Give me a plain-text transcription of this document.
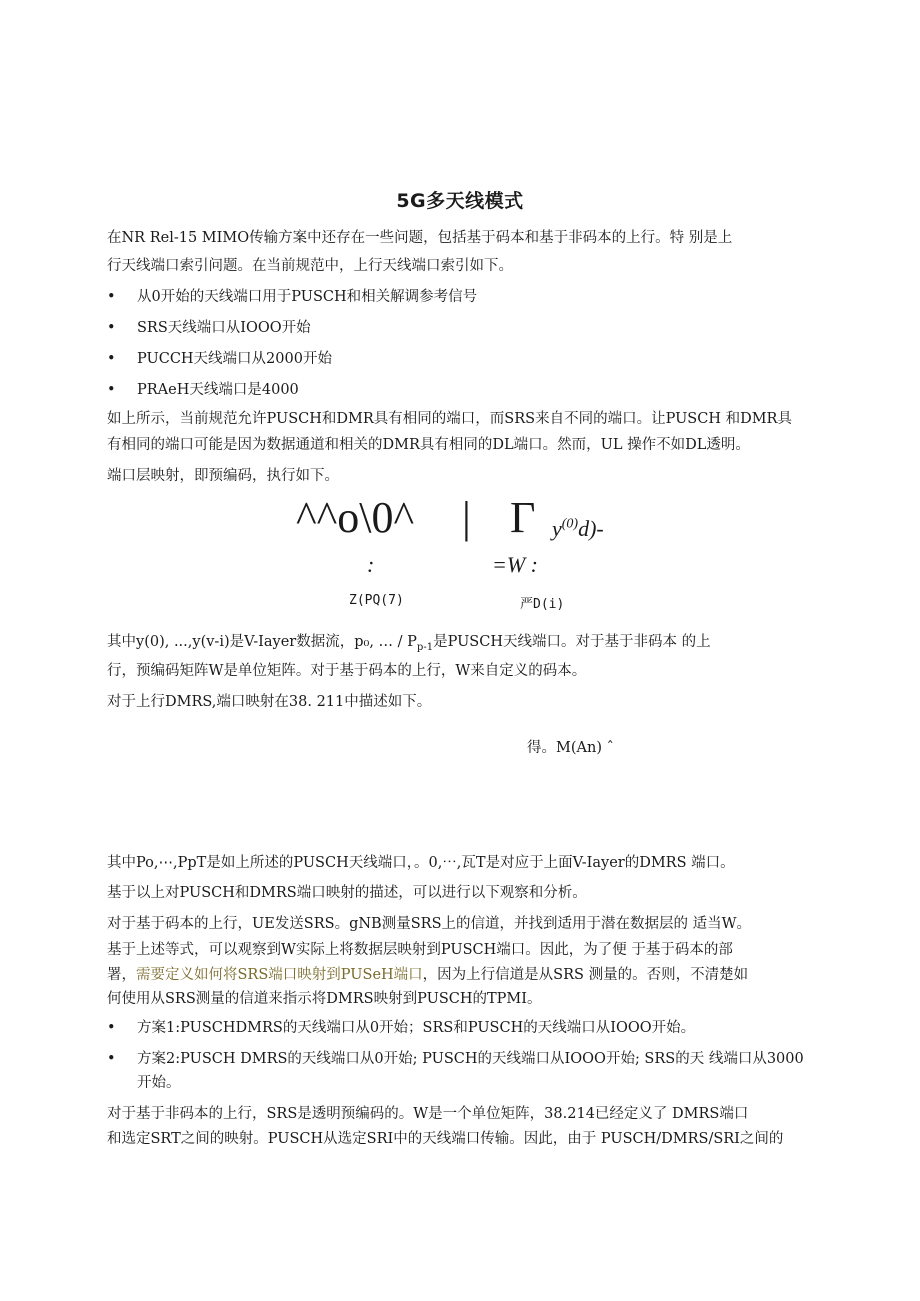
5G多天线模式
在NR Rel-15 MIMO传输方案中还存在一些问题，包括基于码本和基于非码本的上行。特 别是上
行天线端口索引问题。在当前规范中，上行天线端口索引如下。
• 从0开始的天线端口用于PUSCH和相关解调参考信号
• SRS天线端口从IOOO开始
• PUCCH天线端口从2000开始
• PRAeH天线端口是4000
如上所示，当前规范允许PUSCH和DMR具有相同的端口，而SRS来自不同的端口。让PUSCH 和DMR具
有相同的端口可能是因为数据通道和相关的DMR具有相同的DL端口。然而，UL 操作不如DL透明。
端口层映射，即预编码，执行如下。
^^o\0^ | Γ $y^{(0)}d)-$
:	=W :
Z(PQ(7)	严D(i)
其中y(0), ...,y(v-i)是V-Iayer数据流，p₀, … / $P_{p-1}$是PUSCH天线端口。对于基于非码本 的上
行，预编码矩阵W是单位矩阵。对于基于码本的上行，W来自定义的码本。
对于上行DMRS,端口映射在38. 211中描述如下。
得。M(An) ˆ
其中Po,⋯,PpT是如上所述的PUSCH天线端口，。0,⋯,瓦T是对应于上面V-Iayer的DMRS 端口。
基于以上对PUSCH和DMRS端口映射的描述，可以进行以下观察和分析。
对于基于码本的上行，UE发送SRS。gNB测量SRS上的信道，并找到适用于潜在数据层的 适当W。
基于上述等式，可以观察到W实际上将数据层映射到PUSCH端口。因此，为了便 于基于码本的部
署，需要定义如何将SRS端口映射到PUSeH端口，因为上行信道是从SRS 测量的。否则，不清楚如
何使用从SRS测量的信道来指示将DMRS映射到PUSCH的TPMI。
• 方案1:PUSCHDMRS的天线端口从0开始；SRS和PUSCH的天线端口从IOOO开始。
• 方案2:PUSCH DMRS的天线端口从0开始; PUSCH的天线端口从IOOO开始; SRS的天 线端口从3000
开始。
对于基于非码本的上行，SRS是透明预编码的。W是一个单位矩阵，38.214已经定义了 DMRS端口
和选定SRT之间的映射。PUSCH从选定SRI中的天线端口传输。因此，由于 PUSCH/DMRS/SRI之间的
